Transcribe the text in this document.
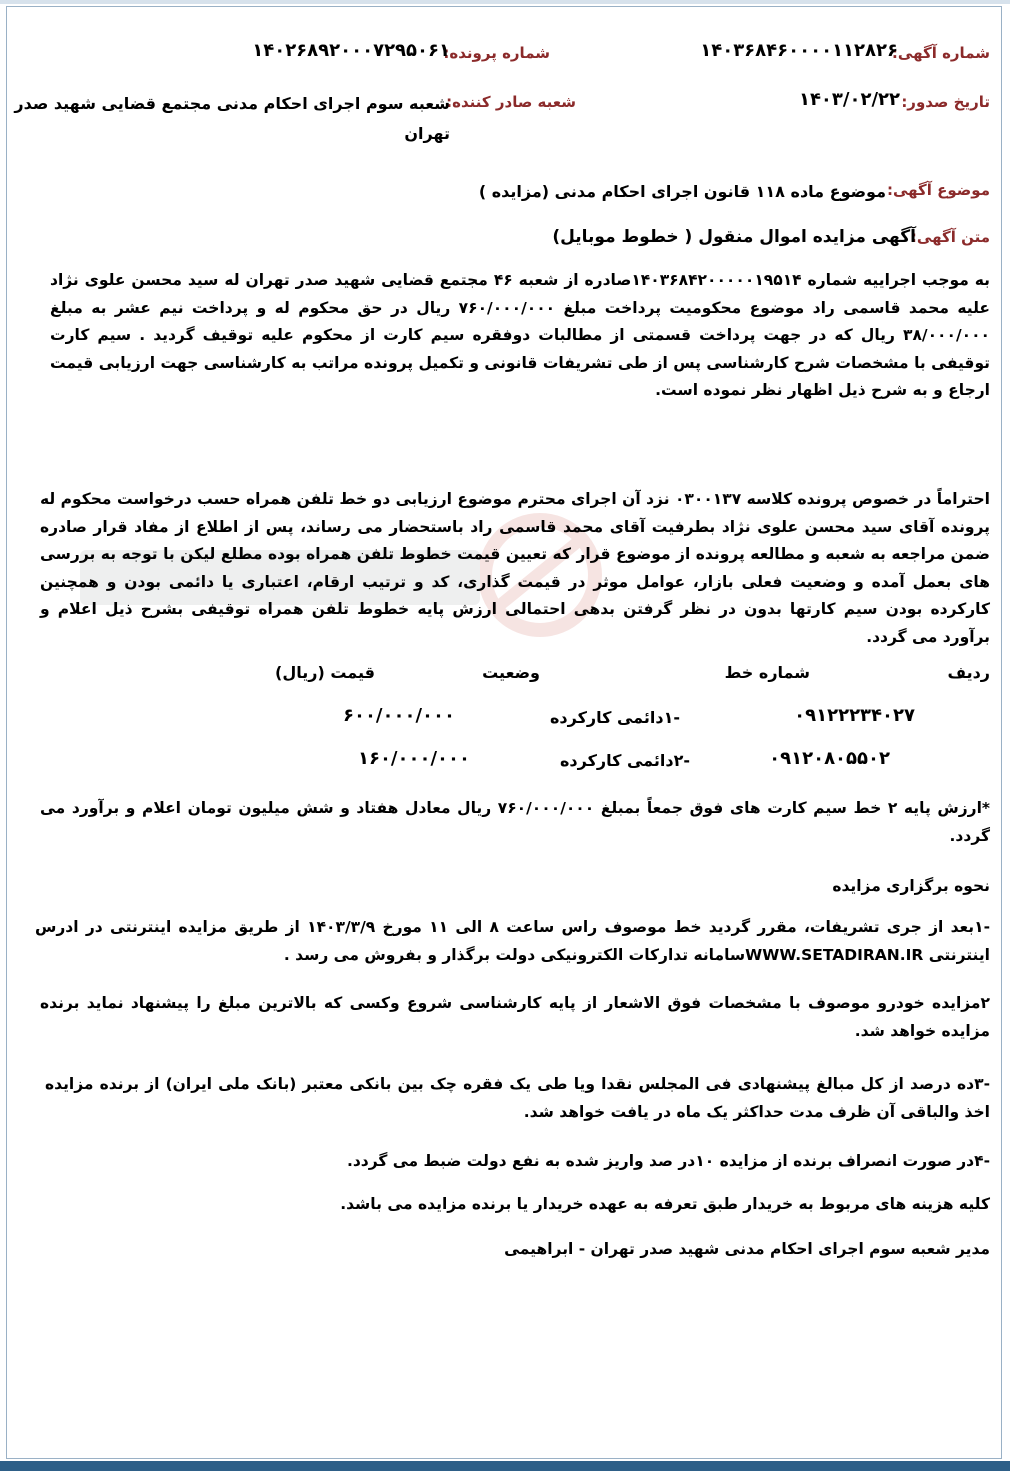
شماره آگهی:
۱۴۰۳۶۸۴۶۰۰۰۰۱۱۲۸۲۶
شماره پرونده:
۱۴۰۲۶۸۹۲۰۰۰۷۲۹۵۰۶۱
تاریخ صدور:
۱۴۰۳/۰۲/۲۲
شعبه صادر کننده:
شعبه سوم اجرای احکام مدنی مجتمع قضایی شهید صدر
تهران
موضوع آگهی:
موضوع ماده ۱۱۸ قانون اجرای احکام مدنی (مزایده )
متن آگهی:
آگهی مزایده اموال منقول ( خطوط موبایل)
به موجب اجراییه شماره ۱۴۰۳۶۸۴۲۰۰۰۰۰۱۹۵۱۴صادره از شعبه ۴۶ مجتمع قضایی شهید صدر تهران له سید محسن علوی نژاد علیه محمد قاسمی راد موضوع محکومیت پرداخت مبلغ ۷۶۰/۰۰۰/۰۰۰ ریال در حق محکوم له و پرداخت نیم عشر به مبلغ ۳۸/۰۰۰/۰۰۰ ریال که در جهت پرداخت قسمتی از مطالبات دوفقره سیم کارت از محکوم علیه توقیف گردید . سیم کارت توقیفی با مشخصات شرح کارشناسی پس از طی تشریفات قانونی و تکمیل پرونده مراتب به کارشناسی جهت ارزیابی قیمت ارجاع و به شرح ذیل اظهار نظر نموده است.
احتراماً در خصوص پرونده کلاسه ۰۳۰۰۱۳۷ نزد آن اجرای محترم موضوع ارزیابی دو خط تلفن همراه حسب درخواست محکوم له پرونده آقای سید محسن علوی نژاد بطرفیت آقای محمد قاسمی راد باستحضار می رساند، پس از اطلاع از مفاد قرار صادره ضمن مراجعه به شعبه و مطالعه پرونده از موضوع قرار که تعیین قیمت خطوط تلفن همراه بوده مطلع لیکن با توجه به بررسی های بعمل آمده و وضعیت فعلی بازار، عوامل موثر در قیمت گذاری، کد و ترتیب ارقام، اعتباری یا دائمی بودن و همچنین کارکرده بودن سیم کارتها بدون در نظر گرفتن بدهی احتمالی ارزش پایه خطوط تلفن همراه توقیفی بشرح ذیل اعلام و برآورد می گردد.
ردیف
شماره خط
وضعیت
قیمت (ریال)
۰۹۱۲۲۲۳۴۰۲۷
-۱دائمی کارکرده
۶۰۰/۰۰۰/۰۰۰
۰۹۱۲۰۸۰۵۵۰۲
-۲دائمی کارکرده
۱۶۰/۰۰۰/۰۰۰
*ارزش پایه ۲ خط سیم کارت های فوق جمعاً بمبلغ ۷۶۰/۰۰۰/۰۰۰ ریال معادل هفتاد و شش میلیون تومان اعلام و برآورد می گردد.
نحوه برگزاری مزایده
-۱بعد از جری تشریفات، مقرر گردید خط موصوف راس ساعت ۸ الی ۱۱ مورخ ۱۴۰۳/۳/۹ از طریق مزایده اینترنتی در ادرس اینترنتی WWW.SETADIRAN.IRسامانه تدارکات الکترونیکی دولت برگذار و بفروش می رسد .
۲مزایده خودرو موصوف با مشخصات فوق الاشعار از پایه کارشناسی شروع وکسی که بالاترین مبلغ را پیشنهاد نماید برنده مزایده خواهد شد.
-۳ده درصد از کل مبالغ پیشنهادی فی المجلس نقدا ویا طی یک فقره چک بین بانکی معتبر (بانک ملی ایران) از برنده مزایده اخذ والباقی آن ظرف مدت حداکثر یک ماه در یافت خواهد شد.
-۴در صورت انصراف برنده از مزایده ۱۰در صد واریز شده به نفع دولت ضبط می گردد.
کلیه هزینه های مربوط به خریدار طبق تعرفه به عهده خریدار یا برنده مزایده می باشد.
مدیر شعبه سوم اجرای احکام مدنی شهید صدر تهران - ابراهیمی
